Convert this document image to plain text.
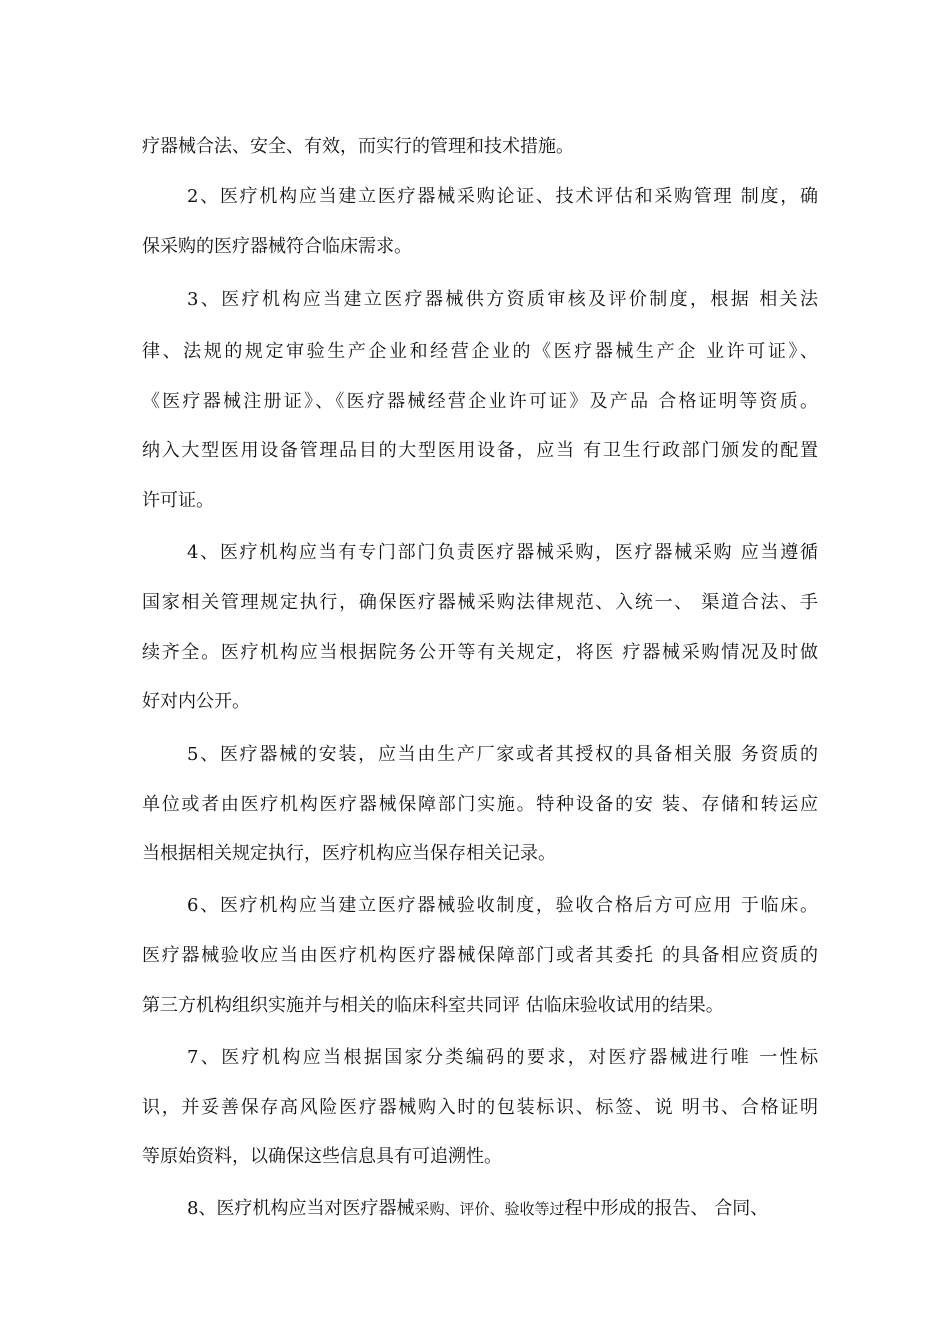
疗器械合法、安全、有效，而实行的管理和技术措施。
2、医疗机构应当建立医疗器械采购论证、技术评估和采购管理 制度，确
保采购的医疗器械符合临床需求。
3、医疗机构应当建立医疗器械供方资质审核及评价制度，根据 相关法
律、法规的规定审验生产企业和经营企业的《医疗器械生产企 业许可证》、
《医疗器械注册证》、《医疗器械经营企业许可证》及产品 合格证明等资质。
纳入大型医用设备管理品目的大型医用设备，应当 有卫生行政部门颁发的配置
许可证。
4、医疗机构应当有专门部门负责医疗器械采购，医疗器械采购 应当遵循
国家相关管理规定执行，确保医疗器械采购法律规范、入统一、 渠道合法、手
续齐全。医疗机构应当根据院务公开等有关规定，将医 疗器械采购情况及时做
好对内公开。
5、医疗器械的安装，应当由生产厂家或者其授权的具备相关服 务资质的
单位或者由医疗机构医疗器械保障部门实施。特种设备的安 装、存储和转运应
当根据相关规定执行，医疗机构应当保存相关记录。
6、医疗机构应当建立医疗器械验收制度，验收合格后方可应用 于临床。
医疗器械验收应当由医疗机构医疗器械保障部门或者其委托 的具备相应资质的
第三方机构组织实施并与相关的临床科室共同评 估临床验收试用的结果。
7、医疗机构应当根据国家分类编码的要求，对医疗器械进行唯 一性标
识，并妥善保存高风险医疗器械购入时的包装标识、标签、说 明书、合格证明
等原始资料，以确保这些信息具有可追溯性。
8、医疗机构应当对医疗器械采购、评价、验收等过程中形成的报告、 合同、
